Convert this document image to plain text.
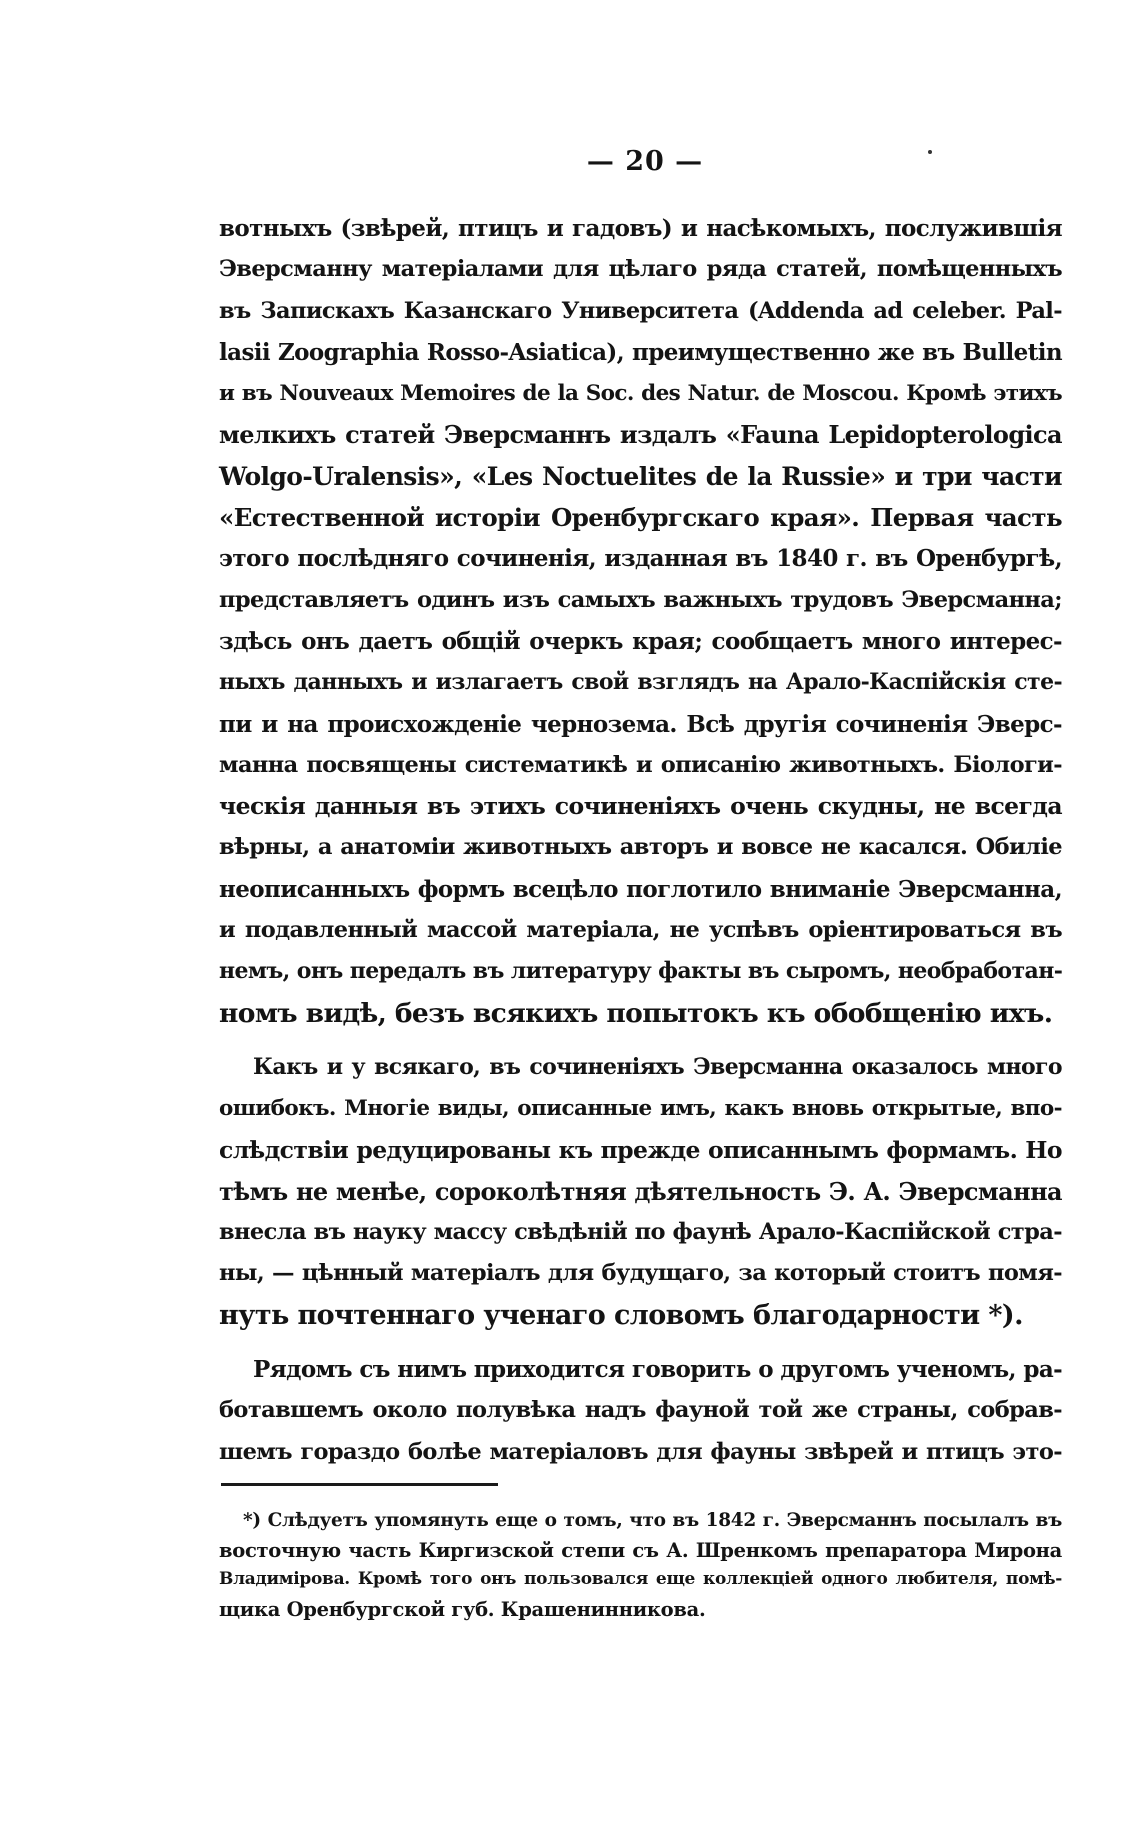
— 20 —
вотныхъ (звѣрей, птицъ и гадовъ) и насѣкомыхъ, послужившія
Эверсманну матеріалами для цѣлаго ряда статей, помѣщенныхъ
въ Запискахъ Казанскаго Университета (Addenda ad celeber. Pal-
lasii Zoographia Rosso-Asiatica), преимущественно же въ Bulletin
и въ Nouveaux Memoires de la Soc. des Natur. de Moscou. Кромѣ этихъ
мелкихъ статей Эверсманнъ издалъ «Fauna Lepidopterologica
Wolgo-Uralensis», «Les Noctuelites de la Russie» и три части
«Естественной исторіи Оренбургскаго края». Первая часть
этого послѣдняго сочиненія, изданная въ 1840 г. въ Оренбургѣ,
представляетъ одинъ изъ самыхъ важныхъ трудовъ Эверсманна;
здѣсь онъ даетъ общій очеркъ края; сообщаетъ много интерес-
ныхъ данныхъ и излагаетъ свой взглядъ на Арало-Каспійскія сте-
пи и на происхожденіе чернозема. Всѣ другія сочиненія Эверс-
манна посвящены систематикѣ и описанію животныхъ. Біологи-
ческія данныя въ этихъ сочиненіяхъ очень скудны, не всегда
вѣрны, а анатоміи животныхъ авторъ и вовсе не касался. Обиліе
неописанныхъ формъ всецѣло поглотило вниманіе Эверсманна,
и подавленный массой матеріала, не успѣвъ оріентироваться въ
немъ, онъ передалъ въ литературу факты въ сыромъ, необработан-
номъ видѣ, безъ всякихъ попытокъ къ обобщенію ихъ.
Какъ и у всякаго, въ сочиненіяхъ Эверсманна оказалось много
ошибокъ. Многіе виды, описанные имъ, какъ вновь открытые, впо-
слѣдствіи редуцированы къ прежде описаннымъ формамъ. Но
тѣмъ не менѣе, сороколѣтняя дѣятельность Э. А. Эверсманна
внесла въ науку массу свѣдѣній по фаунѣ Арало-Каспійской стра-
ны, — цѣнный матеріалъ для будущаго, за который стоитъ помя-
нуть почтеннаго ученаго словомъ благодарности *).
Рядомъ съ нимъ приходится говорить о другомъ ученомъ, ра-
ботавшемъ около полувѣка надъ фауной той же страны, собрав-
шемъ гораздо болѣе матеріаловъ для фауны звѣрей и птицъ это-
*) Слѣдуетъ упомянуть еще о томъ, что въ 1842 г. Эверсманнъ посылалъ въ
восточную часть Киргизской степи съ А. Шренкомъ препаратора Мирона
Владимірова. Кромѣ того онъ пользовался еще коллекціей одного любителя, помѣ-
щика Оренбургской губ. Крашенинникова.
